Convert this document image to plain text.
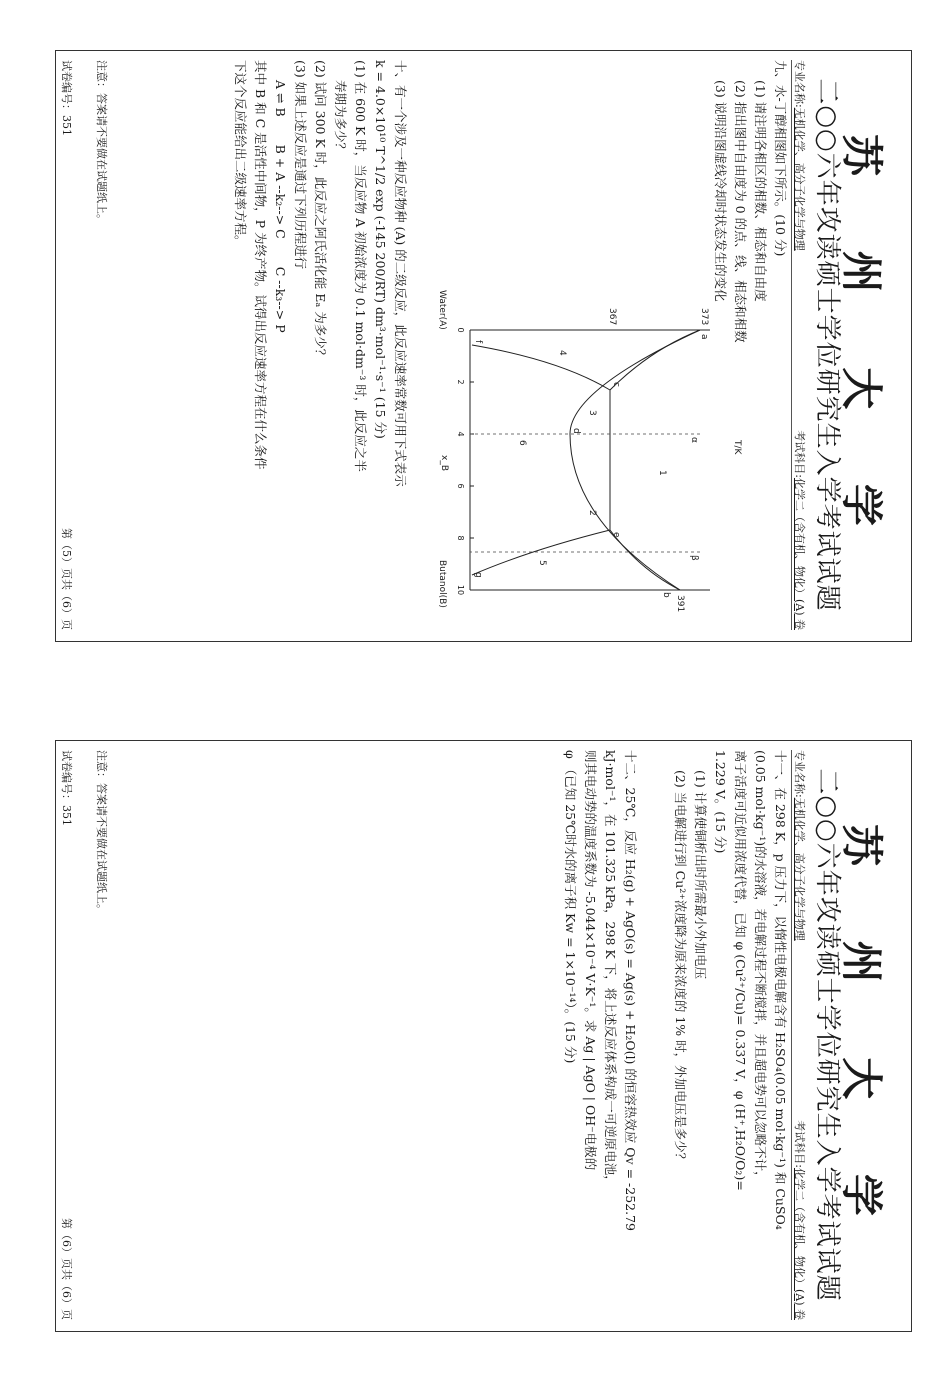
苏 州 大 学
二○○六年攻读硕士学位研究生入学考试试题
专业名称:无机化学、高分子化学与物理
考试科目:化学二（含有机、物化）(A) 卷

九、水-丁醇相图如下所示。(10 分)

(1) 请注明各相区的相数、相态和自由度

(2) 指出图中自由度为 0 的点、线、相态和相数

(3) 说明沿图虚线冷却时状态发生的变化

0
2
4
6
8
10
T/K
x_B
Water(A)
Butanol(B)
373
367
391
a
b
c
d
e
f
g
1
2
3
4
5
6	α
β

十、有一个涉及一种反应物种 (A) 的二级反应，此反应速率常数可用下式表示

k = 4.0×10¹⁰ T^1/2 exp (-145 200/RT) dm³·mol⁻¹·s⁻¹ (15 分)

(1) 在 600 K 时，当反应物 A 初始浓度为 0.1 mol·dm⁻³ 时，此反应之半

寿期为多少？

(2) 试问 300 K 时，此反应之阿氏活化能 Eₐ 为多少？

(3) 如果上述反应是通过下列历程进行

A ⇌ B
B + A --k₂--> C
C --k₃--> P

其中 B 和 C 是活性中间物，P 为终产物。试得出反应速率方程在什么条件

下这个反应能给出二级速率方程。

注意：答案请不要做在试题纸上。
试卷编号：351
第（5）页共（6）页
苏 州 大 学
二○○六年攻读硕士学位研究生入学考试试题
专业名称:无机化学、高分子化学与物理
考试科目:化学二（含有机、物化）(A) 卷

十一、在 298 K，p 压力下，以惰性电极电解含有 H₂SO₄(0.05 mol·kg⁻¹) 和 CuSO₄

(0.05 mol·kg⁻¹)的水溶液，若电解过程不断搅拌，并且超电势可以忽略不计，

离子活度可近似用浓度代替，已知 φ (Cu²⁺/Cu)= 0.337 V，φ (H⁺,H₂O/O₂)=

1.229 V。(15 分)

(1) 计算使铜析出时所需最小外加电压

(2) 当电解进行到 Cu²⁺浓度降为原来浓度的 1% 时，外加电压是多少？

十二、25℃，反应 H₂(g) + AgO(s) = Ag(s) + H₂O(l) 的恒容热效应 Qv = -252.79

kJ·mol⁻¹，在 101.325 kPa，298 K 下，将上述反应体系构成一可逆原电池，

则其电动势的温度系数为 -5.044×10⁻⁴ V·K⁻¹。求 Ag | AgO | OH⁻电极的

φ （已知 25℃时水的离子积 Kw = 1×10⁻¹⁴）。(15 分)

注意：答案请不要做在试题纸上。
试卷编号：351
第（6）页共（6）页
